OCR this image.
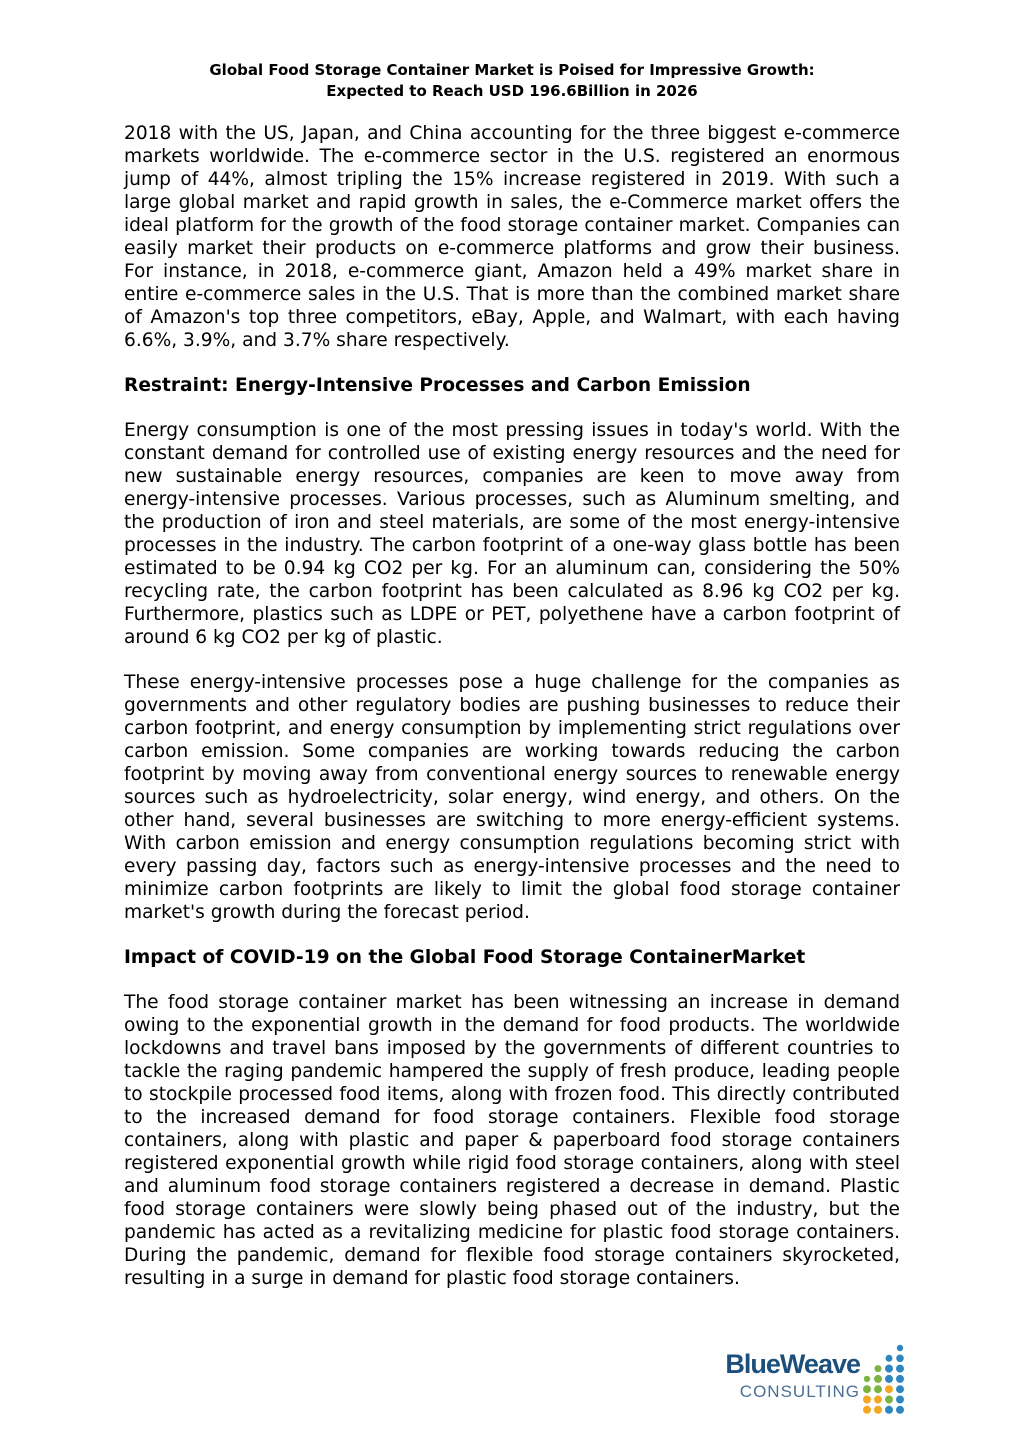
Global Food Storage Container Market is Poised for Impressive Growth:
Expected to Reach USD 196.6Billion in 2026

2018 with the US, Japan, and China accounting for the three biggest e-commerce markets worldwide. The e-commerce sector in the U.S. registered an enormous jump of 44%, almost tripling the 15% increase registered in 2019. With such a large global market and rapid growth in sales, the e-Commerce market offers the ideal platform for the growth of the food storage container market. Companies can easily market their products on e-commerce platforms and grow their business. For instance, in 2018, e-commerce giant, Amazon held a 49% market share in entire e-commerce sales in the U.S. That is more than the combined market share of Amazon's top three competitors, eBay, Apple, and Walmart, with each having 6.6%, 3.9%, and 3.7% share respectively.

Restraint: Energy-Intensive Processes and Carbon Emission

Energy consumption is one of the most pressing issues in today's world. With the constant demand for controlled use of existing energy resources and the need for new sustainable energy resources, companies are keen to move away from energy-intensive processes. Various processes, such as Aluminum smelting, and the production of iron and steel materials, are some of the most energy-intensive processes in the industry. The carbon footprint of a one-way glass bottle has been estimated to be 0.94 kg CO2 per kg. For an aluminum can, considering the 50% recycling rate, the carbon footprint has been calculated as 8.96 kg CO2 per kg. Furthermore, plastics such as LDPE or PET, polyethene have a carbon footprint of around 6 kg CO2 per kg of plastic.

These energy-intensive processes pose a huge challenge for the companies as governments and other regulatory bodies are pushing businesses to reduce their carbon footprint, and energy consumption by implementing strict regulations over carbon emission. Some companies are working towards reducing the carbon footprint by moving away from conventional energy sources to renewable energy sources such as hydroelectricity, solar energy, wind energy, and others. On the other hand, several businesses are switching to more energy-efficient systems. With carbon emission and energy consumption regulations becoming strict with every passing day, factors such as energy-intensive processes and the need to minimize carbon footprints are likely to limit the global food storage container market's growth during the forecast period.

Impact of COVID-19 on the Global Food Storage ContainerMarket

The food storage container market has been witnessing an increase in demand owing to the exponential growth in the demand for food products. The worldwide lockdowns and travel bans imposed by the governments of different countries to tackle the raging pandemic hampered the supply of fresh produce, leading people to stockpile processed food items, along with frozen food. This directly contributed to the increased demand for food storage containers. Flexible food storage containers, along with plastic and paper & paperboard food storage containers registered exponential growth while rigid food storage containers, along with steel and aluminum food storage containers registered a decrease in demand. Plastic food storage containers were slowly being phased out of the industry, but the pandemic has acted as a revitalizing medicine for plastic food storage containers. During the pandemic, demand for flexible food storage containers skyrocketed, resulting in a surge in demand for plastic food storage containers.

BlueWeave
CONSULTING
